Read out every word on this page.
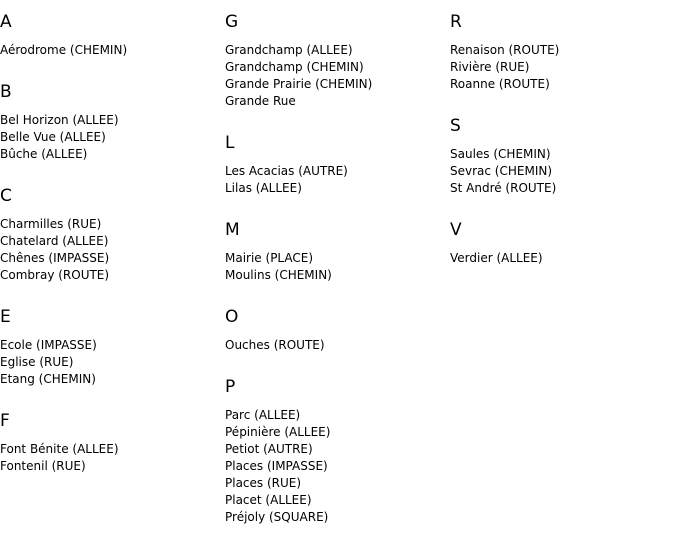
A
Aérodrome (CHEMIN)
B
Bel Horizon (ALLEE)
Belle Vue (ALLEE)
Bûche (ALLEE)
C
Charmilles (RUE)
Chatelard (ALLEE)
Chênes (IMPASSE)
Combray (ROUTE)
E
Ecole (IMPASSE)
Eglise (RUE)
Etang (CHEMIN)
F
Font Bénite (ALLEE)
Fontenil (RUE)
G
Grandchamp (ALLEE)
Grandchamp (CHEMIN)
Grande Prairie (CHEMIN)
Grande Rue
L
Les Acacias (AUTRE)
Lilas (ALLEE)
M
Mairie (PLACE)
Moulins (CHEMIN)
O
Ouches (ROUTE)
P
Parc (ALLEE)
Pépinière (ALLEE)
Petiot (AUTRE)
Places (IMPASSE)
Places (RUE)
Placet (ALLEE)
Préjoly (SQUARE)
R
Renaison (ROUTE)
Rivière (RUE)
Roanne (ROUTE)
S
Saules (CHEMIN)
Sevrac (CHEMIN)
St André (ROUTE)
V
Verdier (ALLEE)
